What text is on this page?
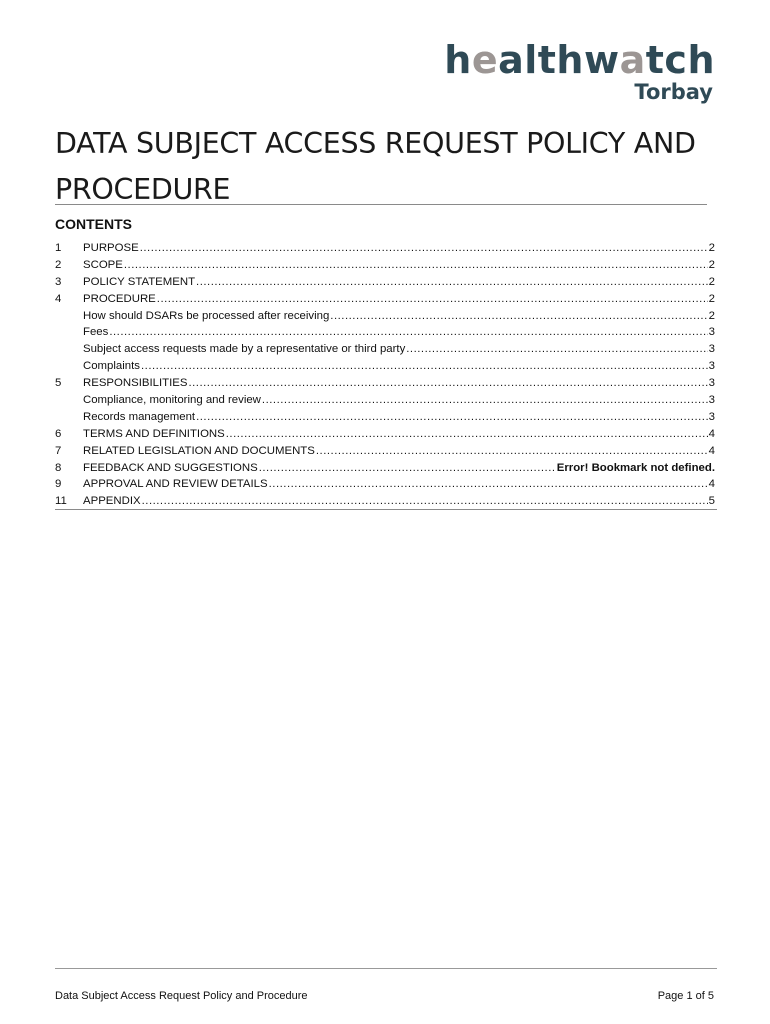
healthwatch
Torbay
DATA SUBJECT ACCESS REQUEST POLICY AND PROCEDURE
CONTENTS
1	PURPOSE .....	2
2	SCOPE .....	2
3	POLICY STATEMENT .....	2
4	PROCEDURE .....	2
How should DSARs be processed after receiving .....	2
Fees .....	3
Subject access requests made by a representative or third party .....	3
Complaints .....	3
5	RESPONSIBILITIES .....	3
Compliance, monitoring and review .....	3
Records management .....	3
6	TERMS AND DEFINITIONS .....	4
7	RELATED LEGISLATION AND DOCUMENTS .....	4
8	FEEDBACK AND SUGGESTIONS .....	Error! Bookmark not defined.
9	APPROVAL AND REVIEW DETAILS .....	4
11	APPENDIX .....	5
Data Subject Access Request Policy and Procedure	Page 1 of 5
